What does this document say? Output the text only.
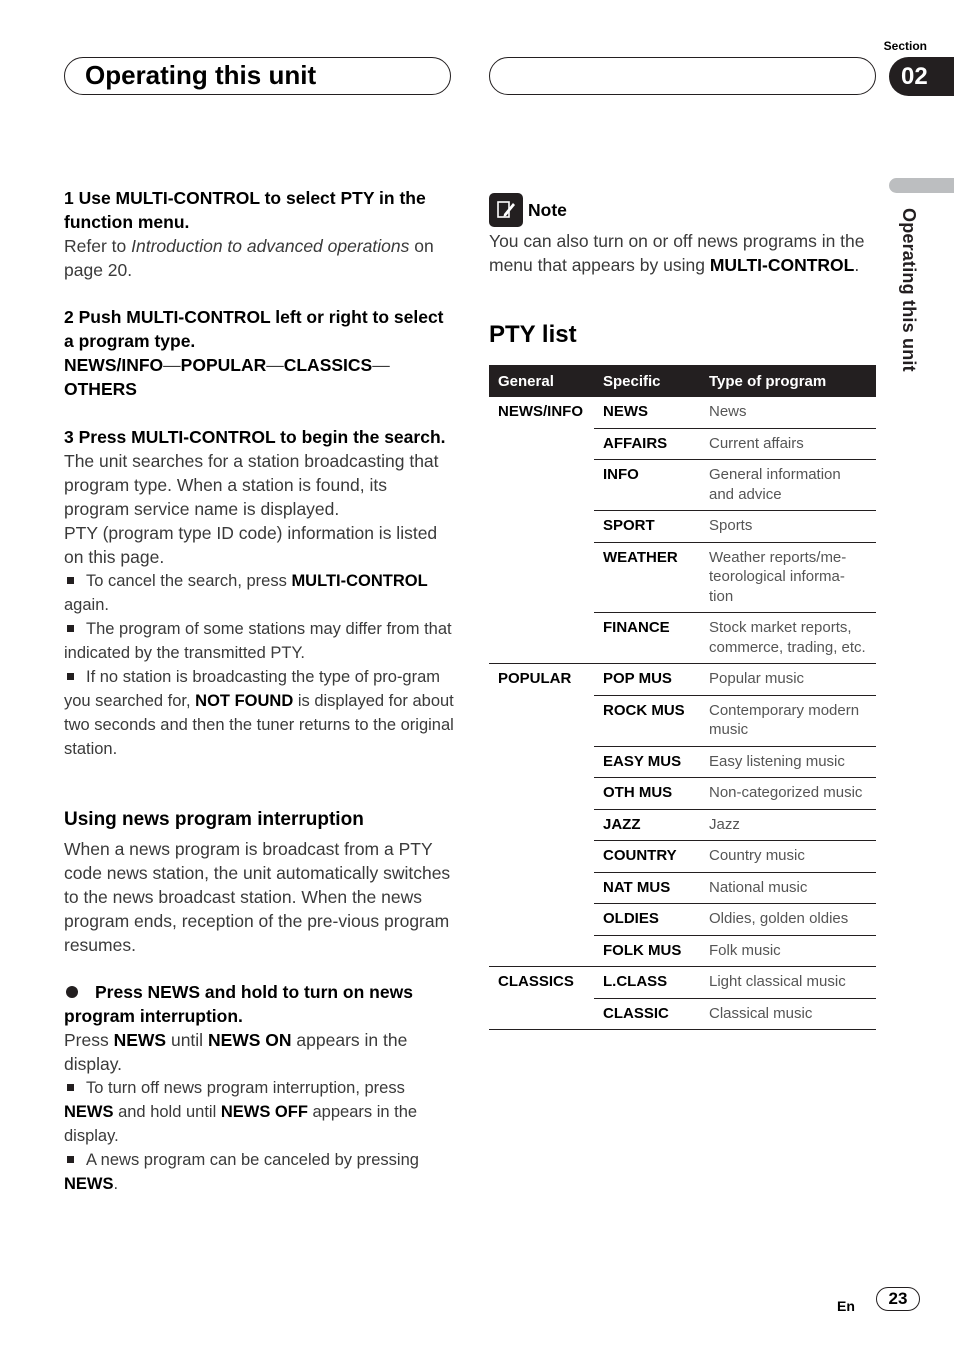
Operating this unit
Section
02
Operating this unit
1 Use MULTI-CONTROL to select PTY in the function menu.
Refer to Introduction to advanced operations on page 20.
2 Push MULTI-CONTROL left or right to select a program type.
NEWS/INFO—POPULAR—CLASSICS— OTHERS
3 Press MULTI-CONTROL to begin the search.
The unit searches for a station broadcasting that program type. When a station is found, its program service name is displayed.
PTY (program type ID code) information is listed on this page.
To cancel the search, press MULTI-CONTROL again.
The program of some stations may differ from that indicated by the transmitted PTY.
If no station is broadcasting the type of pro-gram you searched for, NOT FOUND is displayed for about two seconds and then the tuner returns to the original station.
Using news program interruption
When a news program is broadcast from a PTY code news station, the unit automatically switches to the news broadcast station. When the news program ends, reception of the pre-vious program resumes.
Press NEWS and hold to turn on news program interruption.
Press NEWS until NEWS ON appears in the display.
To turn off news program interruption, press NEWS and hold until NEWS OFF appears in the display.
A news program can be canceled by pressing NEWS.
Note
You can also turn on or off news programs in the menu that appears by using MULTI-CONTROL.
PTY list
General	Specific	Type of program
NEWS/INFO	NEWS	News
	AFFAIRS	Current affairs
	INFO	General information and advice
	SPORT	Sports
	WEATHER	Weather reports/me-teorological informa-tion
	FINANCE	Stock market reports, commerce, trading, etc.
POPULAR	POP MUS	Popular music
	ROCK MUS	Contemporary modern music
	EASY MUS	Easy listening music
	OTH MUS	Non-categorized music
	JAZZ	Jazz
	COUNTRY	Country music
	NAT MUS	National music
	OLDIES	Oldies, golden oldies
	FOLK MUS	Folk music
CLASSICS	L.CLASS	Light classical music
	CLASSIC	Classical music
En	23
